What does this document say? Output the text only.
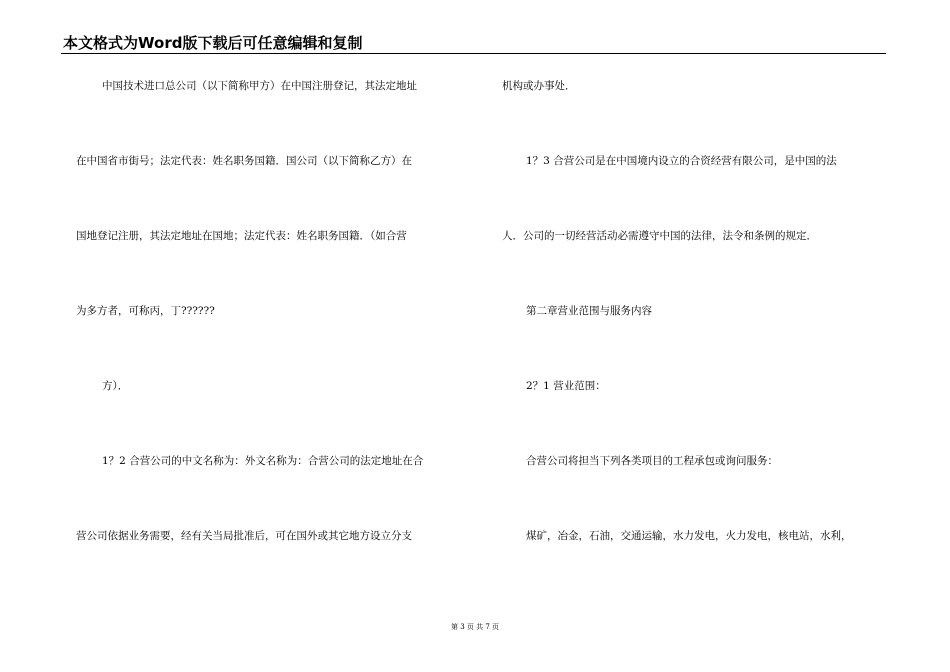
本文格式为Word版下载后可任意编辑和复制
中国技术进口总公司（以下简称甲方）在中国注册登记，其法定地址
在中国省市街号；法定代表：姓名职务国籍．国公司（以下简称乙方）在
国地登记注册，其法定地址在国地；法定代表：姓名职务国籍．（如合营
为多方者，可称丙，丁??????
方）．
1？2 合营公司的中文名称为：外文名称为：合营公司的法定地址在合
营公司依据业务需要，经有关当局批准后，可在国外或其它地方设立分支
机构或办事处．
1？3 合营公司是在中国境内设立的合资经营有限公司，是中国的法
人．公司的一切经营活动必需遵守中国的法律，法令和条例的规定．
第二章营业范围与服务内容
2？1 营业范围：
合营公司将担当下列各类项目的工程承包或询问服务：
煤矿，冶金，石油，交通运输，水力发电，火力发电，核电站，水利，
第 3 页 共 7 页
